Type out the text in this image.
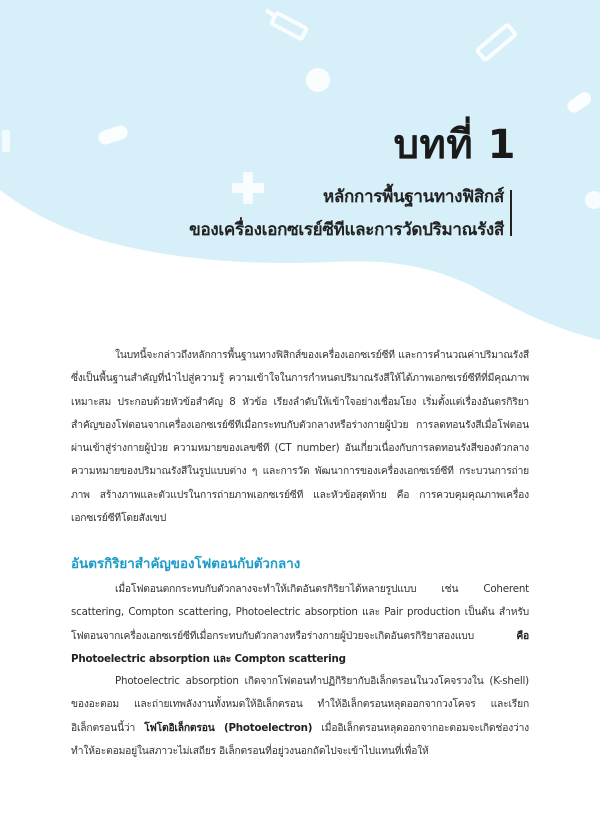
บทที่ 1
หลักการพื้นฐานทางฟิสิกส์
ของเครื่องเอกซเรย์ซีทีและการวัดปริมาณรังสี

ในบทนี้จะกล่าวถึงหลักการพื้นฐานทางฟิสิกส์ของเครื่องเอกซเรย์ซีที และการคำนวณค่าปริมาณรังสี ซึ่งเป็นพื้นฐานสำคัญที่นำไปสู่ความรู้ ความเข้าใจในการกำหนดปริมาณรังสีให้ได้ภาพเอกซเรย์ซีทีที่มีคุณภาพเหมาะสม ประกอบด้วยหัวข้อสำคัญ 8 หัวข้อ เรียงลำดับให้เข้าใจอย่างเชื่อมโยง เริ่มตั้งแต่เรื่องอันตรกิริยาสำคัญของโฟตอนจากเครื่องเอกซเรย์ซีทีเมื่อกระทบกับตัวกลางหรือร่างกายผู้ป่วย การลดทอนรังสีเมื่อโฟตอนผ่านเข้าสู่ร่างกายผู้ป่วย ความหมายของเลขซีที (CT number) อันเกี่ยวเนื่องกับการลดทอนรังสีของตัวกลาง ความหมายของปริมาณรังสีในรูปแบบต่าง ๆ และการวัด พัฒนาการของเครื่องเอกซเรย์ซีที กระบวนการถ่ายภาพ สร้างภาพและตัวแปรในการถ่ายภาพเอกซเรย์ซีที และหัวข้อสุดท้าย คือ การควบคุมคุณภาพเครื่องเอกซเรย์ซีทีโดยสังเขป

อันตรกิริยาสำคัญของโฟตอนกับตัวกลาง

เมื่อโฟตอนตกกระทบกับตัวกลางจะทำให้เกิดอันตรกิริยาได้หลายรูปแบบ เช่น Coherent scattering, Compton scattering, Photoelectric absorption และ Pair production เป็นต้น สำหรับโฟตอนจากเครื่องเอกซเรย์ซีทีเมื่อกระทบกับตัวกลางหรือร่างกายผู้ป่วยจะเกิดอันตรกิริยาสองแบบ	คือ Photoelectric absorption และ Compton scattering

Photoelectric absorption เกิดจากโฟตอนทำปฏิกิริยากับอิเล็กตรอนในวงโคจรวงใน (K-shell) ของอะตอม และถ่ายเทพลังงานทั้งหมดให้อิเล็กตรอน ทำให้อิเล็กตรอนหลุดออกจากวงโคจร และเรียกอิเล็กตรอนนี้ว่า โฟโตอิเล็กตรอน (Photoelectron) เมื่ออิเล็กตรอนหลุดออกจากอะตอมจะเกิดช่องว่าง ทำให้อะตอมอยู่ในสภาวะไม่เสถียร อิเล็กตรอนที่อยู่วงนอกถัดไปจะเข้าไปแทนที่เพื่อให้
